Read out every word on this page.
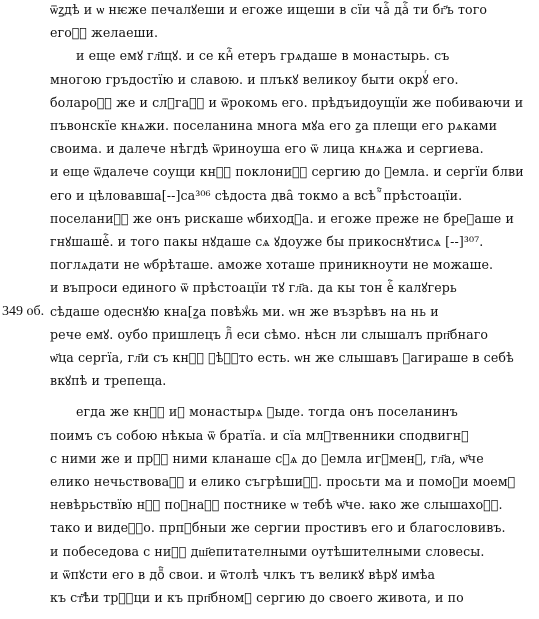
349 об.
ѿꙁдѣ и ѡ нѥже печалꙋеши и егоже ищеши в сїи чаⷭ҇ даⷭ҇ ти бг҃ъ того
егоⷤ҇ желаеши.
и еще емꙋ гл҃щꙋ. и се кнⷽ҇ етеръ грѧдаше в монастырь. съ
многою гръдостїю и славою. и плъкꙋ великоу быти окрꙋⷢ҇ его.
болароⷨ҇ же и слꙋгаⷨ҇ и ѿрокомь его. прѣдъидоущїи же побиваючи и
пъвонскїе кнѧжи. поселанина многа мꙋа его ꙁа плещи его рѧками
своима. и далече нѣгдѣ ѿриноуша его ѿ лица кнѧжа и сергиева.
и еще ѿдалече соущи кнⷽ҇ поклониⷭ҇ сергию до ꙁемла. и сергїи блви
его и цѣловавша[--]са³⁰⁶ сѣдоста два̑ токмо а всѣ ⷨ҇ прѣстоацїи.
поселаниⷩ҇ же онъ рискаше ѡбиходⷣа. и егоже преже не бреꙁаше и
гнꙋшашеⷭ҇. и того пакы нꙋдаше сѧ ꙋдоуже бы прикоснꙋтисѧ [--]³⁰⁷.
поглѧдати не ѡбрѣташе. аможе хоташе приникноути не можаше.
и въпроси единого ѿ прѣстоацїи тꙋ гл҃а. да кы тон еⷭ҇ калꙋгерь
сѣдаше одеснꙋю кна[ꙁа повѣжⷣь ми. ѡн же възрѣвъ на нь и
рече емꙋ. оубо пришлецъ лⷩ҇ еси сѣмо. нѣсн ли слышалъ прп҃бнаго
ѡ҃ца сергїа, гл҃и съ кнⷽ҇ ꙁѣⷮ҇то есть. ѡн же слышавъ ꙁагираше в себѣ
вкꙋпѣ и трепеща.
егда же кнⷽ҇ иꙁ монастырѧ ꙁыде. тогда онъ поселанинъ
поимъ съ собою нѣкыа ѿ братїа. и сїа млⷣтвенники сподвигнꙋ
с ними же и прⷣ҇ ними кланаше сⷣѧ до ꙁемла игꙋменꙋ, гл҃а, ѡ҃че
елико нечьствоваⷯ҇ и елико съгрѣшиⷯ҇. просьти ма и помоꙁи моемꙋ
невѣрьствїю нⷹ҇ поꙁнаⷯ҇ постнике ѡ тебѣ ѡ҃че. ꙗко же слышахоⷨ҇.
тако и видеⷯ҇о. прпⷣбныи же сергии простивъ его и благословивъ.
и побеседова с ниⷨ҇ дш҃епитателными оутѣшителными словесы.
и ѿпꙋсти его в доⷨ҇ свои. и ѿтолѣ члкъ тъ великꙋ вѣрꙋ имѣа
къ ст҃ѣи трⷪ҇ци и къ прп҃бномꙋ сергию до своего живота, и по
